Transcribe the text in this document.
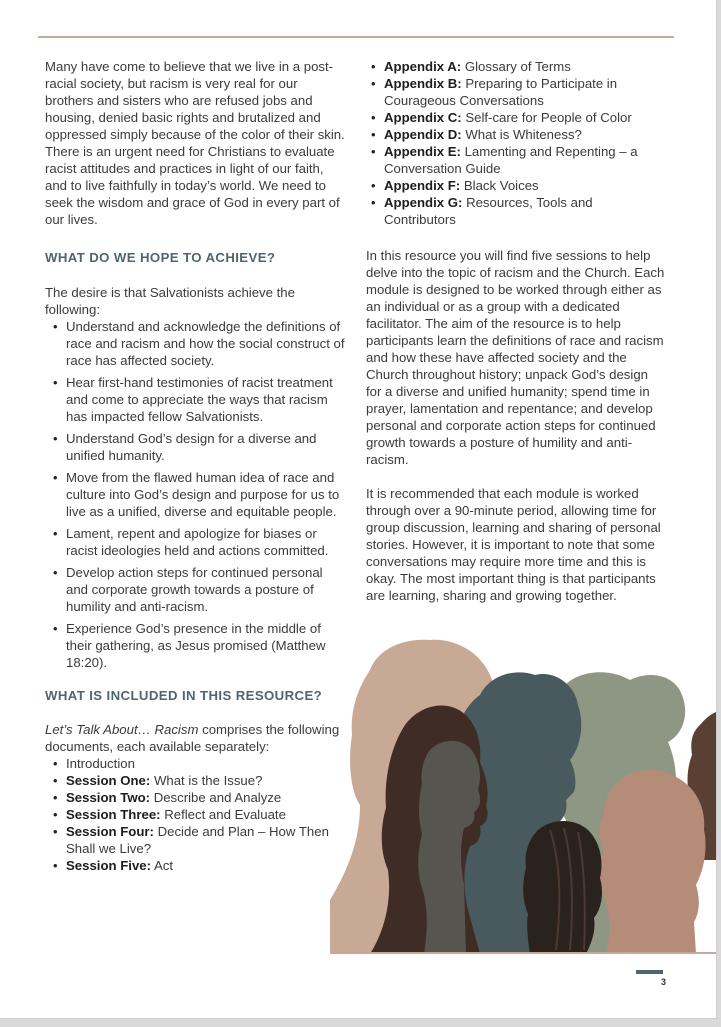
Many have come to believe that we live in a post-racial society, but racism is very real for our brothers and sisters who are refused jobs and housing, denied basic rights and brutalized and oppressed simply because of the color of their skin. There is an urgent need for Christians to evaluate racist attitudes and practices in light of our faith, and to live faithfully in today’s world. We need to seek the wisdom and grace of God in every part of our lives.

WHAT DO WE HOPE TO ACHIEVE?

The desire is that Salvationists achieve the following:

• Understand and acknowledge the definitions of race and racism and how the social construct of race has affected society.
• Hear first-hand testimonies of racist treatment and come to appreciate the ways that racism has impacted fellow Salvationists.
• Understand God’s design for a diverse and unified humanity.
• Move from the flawed human idea of race and culture into God’s design and purpose for us to live as a unified, diverse and equitable people.
• Lament, repent and apologize for biases or racist ideologies held and actions committed.
• Develop action steps for continued personal and corporate growth towards a posture of humility and anti-racism.
• Experience God’s presence in the middle of their gathering, as Jesus promised (Matthew 18:20).
WHAT IS INCLUDED IN THIS RESOURCE?

Let’s Talk About… Racism comprises the following documents, each available separately:

• Introduction
• Session One: What is the Issue?
• Session Two: Describe and Analyze
• Session Three: Reflect and Evaluate
• Session Four: Decide and Plan – How Then Shall we Live?
• Session Five: Act
• Appendix A: Glossary of Terms
• Appendix B: Preparing to Participate in Courageous Conversations
• Appendix C: Self-care for People of Color
• Appendix D: What is Whiteness?
• Appendix E: Lamenting and Repenting – a Conversation Guide
• Appendix F: Black Voices
• Appendix G: Resources, Tools and Contributors

In this resource you will find five sessions to help delve into the topic of racism and the Church. Each module is designed to be worked through either as an individual or as a group with a dedicated facilitator. The aim of the resource is to help participants learn the definitions of race and racism and how these have affected society and the Church throughout history; unpack God’s design for a diverse and unified humanity; spend time in prayer, lamentation and repentance; and develop personal and corporate action steps for continued growth towards a posture of humility and anti-racism.

It is recommended that each module is worked through over a 90-minute period, allowing time for group discussion, learning and sharing of personal stories. However, it is important to note that some conversations may require more time and this is okay. The most important thing is that participants are learning, sharing and growing together.

3
